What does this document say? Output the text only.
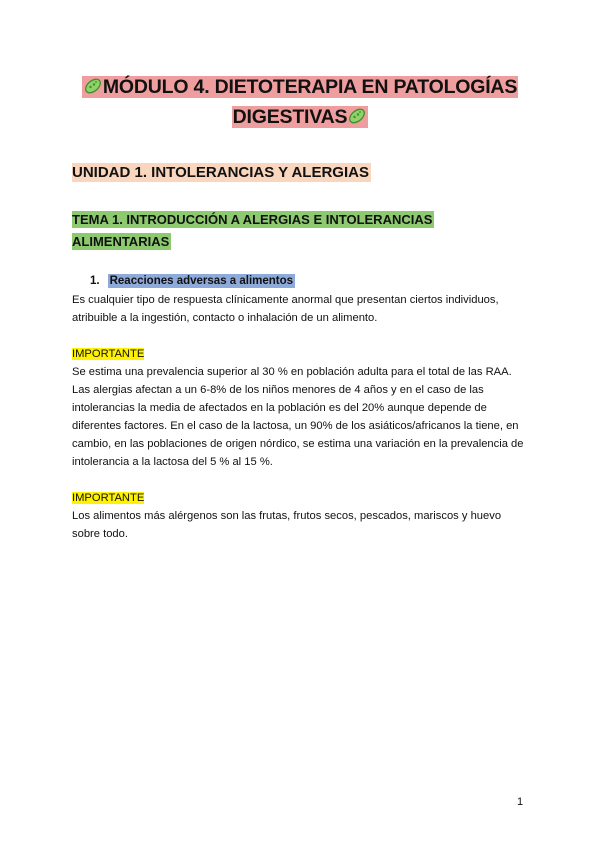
MÓDULO 4. DIETOTERAPIA EN PATOLOGÍAS
DIGESTIVAS
UNIDAD 1. INTOLERANCIAS Y ALERGIAS
TEMA 1. INTRODUCCIÓN A ALERGIAS E INTOLERANCIAS
ALIMENTARIAS
1. Reacciones adversas a alimentos
Es cualquier tipo de respuesta clínicamente anormal que presentan ciertos individuos, atribuible a la ingestión, contacto o inhalación de un alimento.
IMPORTANTE
Se estima una prevalencia superior al 30 % en población adulta para el total de las RAA. Las alergias afectan a un 6-8% de los niños menores de 4 años y en el caso de las intolerancias la media de afectados en la población es del 20% aunque depende de diferentes factores. En el caso de la lactosa, un 90% de los asiáticos/africanos la tiene, en cambio, en las poblaciones de origen nórdico, se estima una variación en la prevalencia de intolerancia a la lactosa del 5 % al 15 %.
IMPORTANTE
Los alimentos más alérgenos son las frutas, frutos secos, pescados, mariscos y huevo sobre todo.
1
